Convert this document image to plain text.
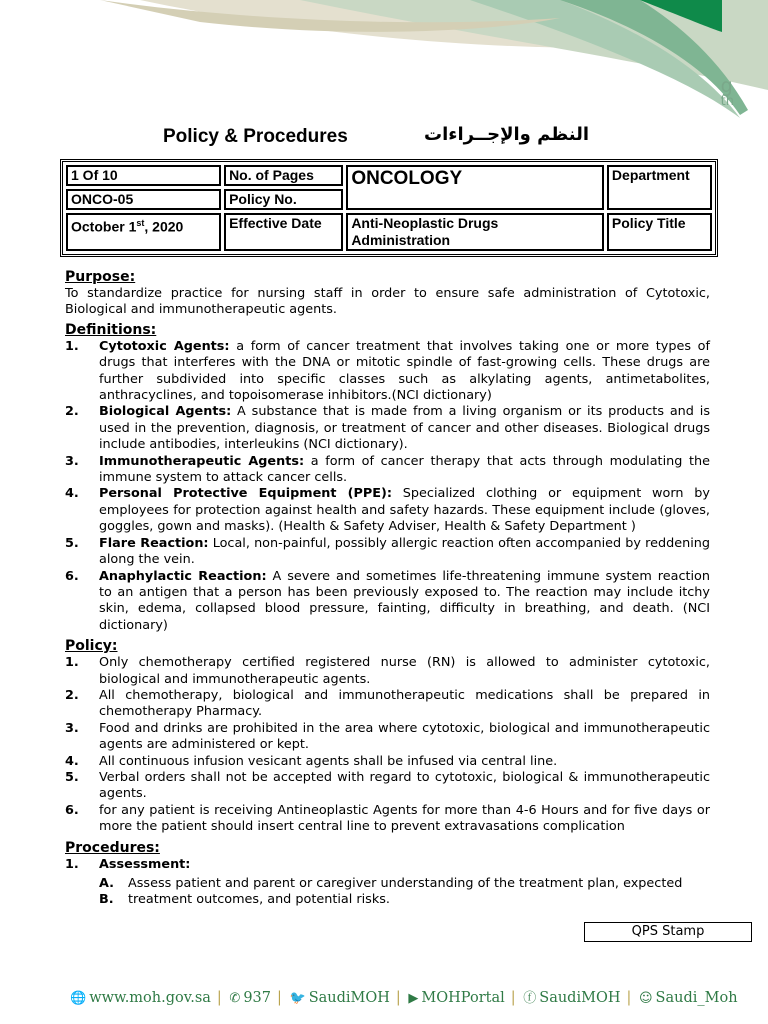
g
th
Policy & Procedures	النظم والإجــراءات
1 Of 10	No. of Pages	ONCOLOGY	Department
ONCO-05	Policy No.		
October 1st, 2020	Effective Date	Anti-Neoplastic Drugs Administration	Policy Title

Purpose:

To standardize practice for nursing staff in order to ensure safe administration of Cytotoxic, Biological and immunotherapeutic agents.

Definitions:

1. Cytotoxic Agents: a form of cancer treatment that involves taking one or more types of drugs that interferes with the DNA or mitotic spindle of fast-growing cells. These drugs are further subdivided into specific classes such as alkylating agents, antimetabolites, anthracyclines, and topoisomerase inhibitors.(NCI dictionary)
2. Biological Agents: A substance that is made from a living organism or its products and is used in the prevention, diagnosis, or treatment of cancer and other diseases. Biological drugs include antibodies, interleukins (NCI dictionary).
3. Immunotherapeutic Agents: a form of cancer therapy that acts through modulating the immune system to attack cancer cells.
4. Personal Protective Equipment (PPE): Specialized clothing or equipment worn by employees for protection against health and safety hazards. These equipment include (gloves, goggles, gown and masks). (Health & Safety Adviser, Health & Safety Department )
5. Flare Reaction: Local, non-painful, possibly allergic reaction often accompanied by reddening along the vein.
6. Anaphylactic Reaction: A severe and sometimes life-threatening immune system reaction to an antigen that a person has been previously exposed to. The reaction may include itchy skin, edema, collapsed blood pressure, fainting, difficulty in breathing, and death. (NCI dictionary)

Policy:

1. Only chemotherapy certified registered nurse (RN) is allowed to administer cytotoxic, biological and immunotherapeutic agents.
2. All chemotherapy, biological and immunotherapeutic medications shall be prepared in chemotherapy Pharmacy.
3. Food and drinks are prohibited in the area where cytotoxic, biological and immunotherapeutic agents are administered or kept.
4. All continuous infusion vesicant agents shall be infused via central line.
5. Verbal orders shall not be accepted with regard to cytotoxic, biological & immunotherapeutic agents.
6. for any patient is receiving Antineoplastic Agents for more than 4-6 Hours and for five days or more the patient should insert central line to prevent extravasations complication

Procedures:

1. Assessment:
A. Assess patient and parent or caregiver understanding of the treatment plan, expected
B. treatment outcomes, and potential risks.
QPS Stamp
🌐 www.moh.gov.sa | ✆ 937 | 🐦 SaudiMOH | ▶ MOHPortal | ⓕ SaudiMOH | ☺ Saudi_Moh
